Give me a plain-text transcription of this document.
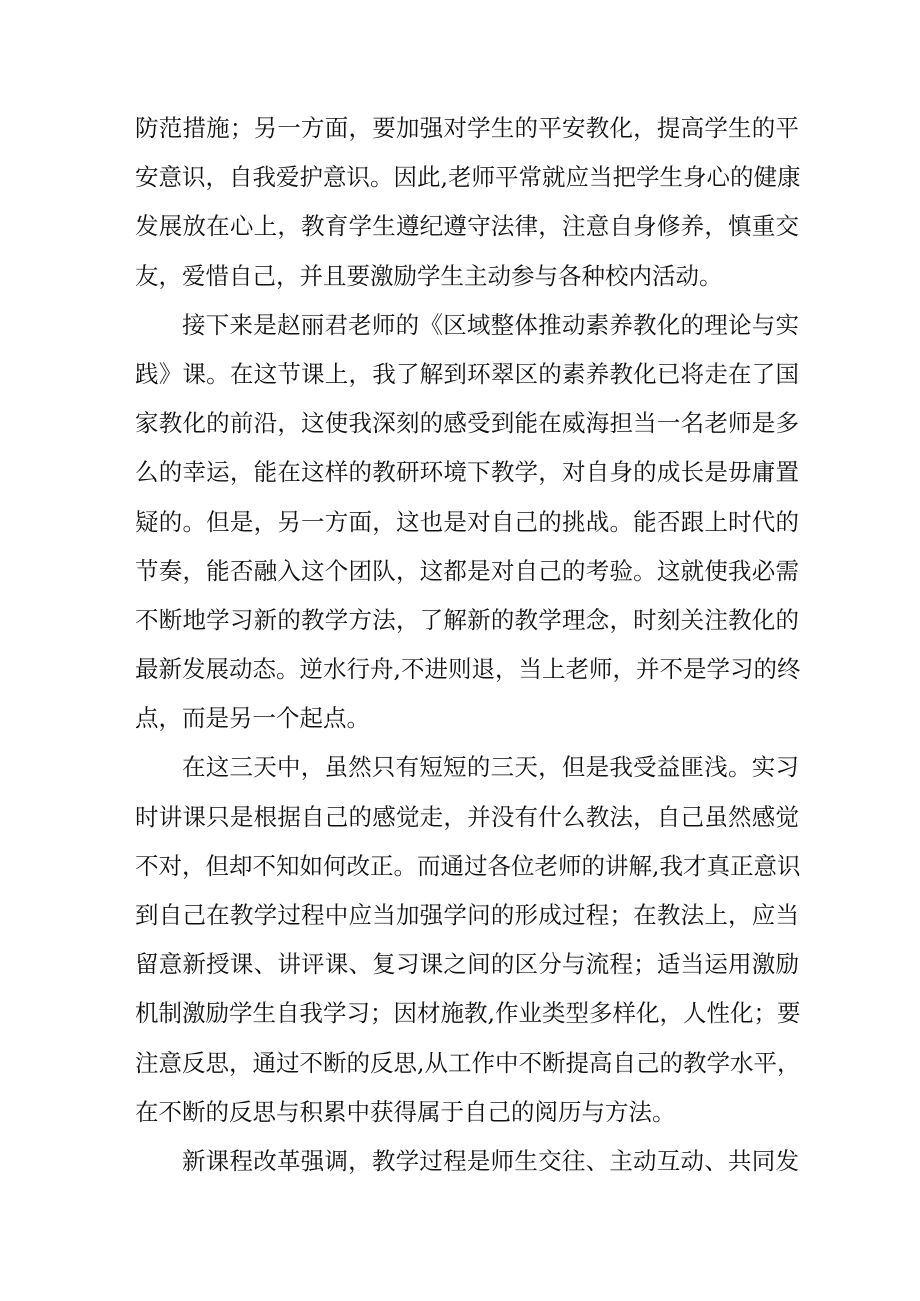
防范措施；另一方面，要加强对学生的平安教化，提高学生的平
安意识，自我爱护意识。因此,老师平常就应当把学生身心的健康
发展放在心上，教育学生遵纪遵守法律，注意自身修养，慎重交
友，爱惜自己，并且要激励学生主动参与各种校内活动。
接下来是赵丽君老师的《区域整体推动素养教化的理论与实
践》课。在这节课上，我了解到环翠区的素养教化已将走在了国
家教化的前沿，这使我深刻的感受到能在威海担当一名老师是多
么的幸运，能在这样的教研环境下教学，对自身的成长是毋庸置
疑的。但是，另一方面，这也是对自己的挑战。能否跟上时代的
节奏，能否融入这个团队，这都是对自己的考验。这就使我必需
不断地学习新的教学方法，了解新的教学理念，时刻关注教化的
最新发展动态。逆水行舟,不进则退，当上老师，并不是学习的终
点，而是另一个起点。
在这三天中，虽然只有短短的三天，但是我受益匪浅。实习
时讲课只是根据自己的感觉走，并没有什么教法，自己虽然感觉
不对，但却不知如何改正。而通过各位老师的讲解,我才真正意识
到自己在教学过程中应当加强学问的形成过程；在教法上，应当
留意新授课、讲评课、复习课之间的区分与流程；适当运用激励
机制激励学生自我学习；因材施教,作业类型多样化，人性化；要
注意反思，通过不断的反思,从工作中不断提高自己的教学水平，
在不断的反思与积累中获得属于自己的阅历与方法。
新课程改革强调，教学过程是师生交往、主动互动、共同发
